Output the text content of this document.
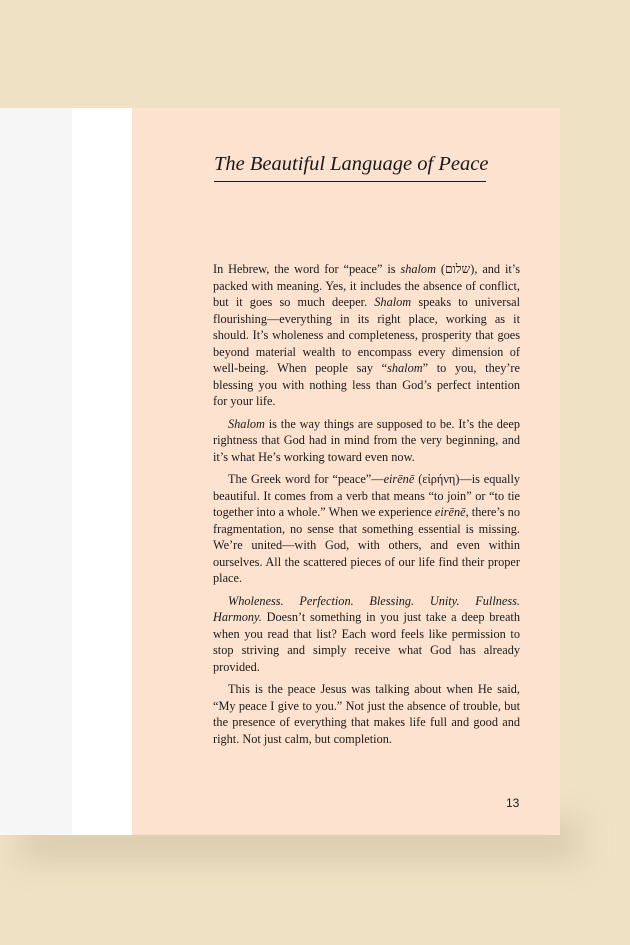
The Beautiful Language of Peace

In Hebrew, the word for “peace” is shalom (שלום), and it’s packed with meaning. Yes, it includes the absence of conflict, but it goes so much deeper. Shalom speaks to universal flourishing—everything in its right place, working as it should. It’s wholeness and completeness, prosperity that goes beyond material wealth to encompass every dimension of well-being. When people say “shalom” to you, they’re blessing you with nothing less than God’s perfect intention for your life.

Shalom is the way things are supposed to be. It’s the deep rightness that God had in mind from the very beginning, and it’s what He’s working toward even now.

The Greek word for “peace”—eirēnē (εἰρήνη)—is equally beautiful. It comes from a verb that means “to join” or “to tie together into a whole.” When we experience eirēnē, there’s no fragmentation, no sense that something essential is missing. We’re united—with God, with others, and even within ourselves. All the scattered pieces of our life find their proper place.

Wholeness. Perfection. Blessing. Unity. Fullness. Harmony. Doesn’t something in you just take a deep breath when you read that list? Each word feels like permission to stop striving and simply receive what God has already provided.

This is the peace Jesus was talking about when He said, “My peace I give to you.” Not just the absence of trouble, but the presence of everything that makes life full and good and right. Not just calm, but completion.

13
